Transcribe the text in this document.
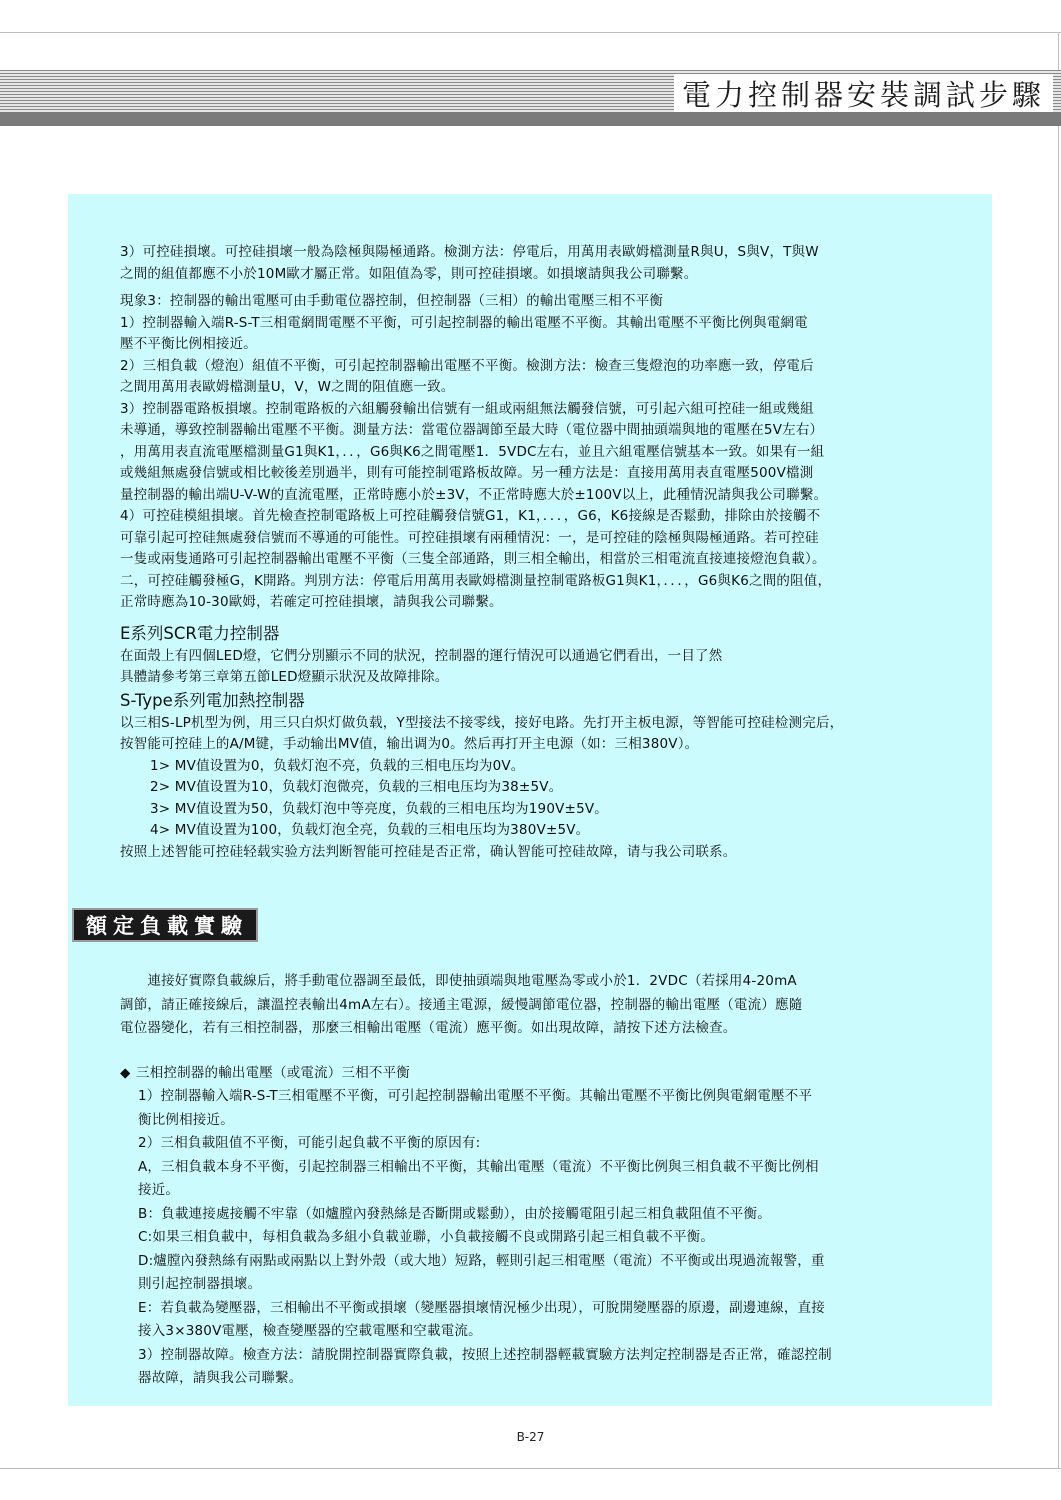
電力控制器安裝調試步驟

3）可控硅損壞。可控硅損壞一般為陰極與陽極通路。檢測方法：停電后，用萬用表歐姆檔測量R與U，S與V，T與W

之間的組值都應不小於10M歐才屬正常。如阻值為零，則可控硅損壞。如損壞請與我公司聯繫。

現象3：控制器的輸出電壓可由手動電位器控制，但控制器（三相）的輸出電壓三相不平衡

1）控制器輸入端R-S-T三相電網間電壓不平衡，可引起控制器的輸出電壓不平衡。其輸出電壓不平衡比例與電網電

壓不平衡比例相接近。

2）三相負載（燈泡）組值不平衡，可引起控制器輸出電壓不平衡。檢測方法：檢查三隻燈泡的功率應一致，停電后

之間用萬用表歐姆檔測量U，V，W之間的阻值應一致。

3）控制器電路板損壞。控制電路板的六組觸發輸出信號有一組或兩組無法觸發信號，可引起六組可控硅一組或幾組

未導通，導致控制器輸出電壓不平衡。測量方法：當電位器調節至最大時（電位器中間抽頭端與地的電壓在5V左右）

，用萬用表直流電壓檔測量G1與K1，．．，G6與K6之間電壓1．5VDC左右，並且六組電壓信號基本一致。如果有一組

或幾組無處發信號或相比較後差別過半，則有可能控制電路板故障。另一種方法是：直接用萬用表直電壓500V檔測

量控制器的輸出端U-V-W的直流電壓，正常時應小於±3V，不正常時應大於±100V以上，此種情況請與我公司聯繫。

4）可控硅模組損壞。首先檢查控制電路板上可控硅觸發信號G1，K1，．．．，G6，K6接線是否鬆動，排除由於接觸不

可靠引起可控硅無處發信號而不導通的可能性。可控硅損壞有兩種情況：一，是可控硅的陰極與陽極通路。若可控硅

一隻或兩隻通路可引起控制器輸出電壓不平衡（三隻全部通路，則三相全輸出，相當於三相電流直接連接燈泡負載）。

二，可控硅觸發極G，K開路。判別方法：停電后用萬用表歐姆檔測量控制電路板G1與K1，．．．，G6與K6之間的阻值，

正常時應為10-30歐姆，若確定可控硅損壞，請與我公司聯繫。

E系列SCR電力控制器

在面殼上有四個LED燈，它們分別顯示不同的狀況，控制器的運行情況可以通過它們看出，一目了然

具體請參考第三章第五節LED燈顯示狀況及故障排除。

S-Type系列電加熱控制器

以三相S-LP机型为例，用三只白炽灯做负载，Y型接法不接零线，接好电路。先打开主板电源，等智能可控硅检测完后，

按智能可控硅上的A/M键，手动输出MV值，输出调为0。然后再打开主电源（如：三相380V）。

1> MV值设置为0，负载灯泡不亮，负载的三相电压均为0V。

2> MV值设置为10，负载灯泡微亮，负载的三相电压均为38±5V。

3> MV值设置为50，负载灯泡中等亮度，负载的三相电压均为190V±5V。

4> MV值设置为100，负载灯泡全亮，负载的三相电压均为380V±5V。

按照上述智能可控硅轻载实验方法判断智能可控硅是否正常，确认智能可控硅故障，请与我公司联系。

額定負載實驗

　　連接好實際負載線后，將手動電位器調至最低，即使抽頭端與地電壓為零或小於1．2VDC（若採用4-20mA

調節，請正確接線后，讓溫控表輸出4mA左右）。接通主電源，緩慢調節電位器，控制器的輸出電壓（電流）應隨

電位器變化，若有三相控制器，那麼三相輸出電壓（電流）應平衡。如出現故障，請按下述方法檢查。

◆ 三相控制器的輸出電壓（或電流）三相不平衡

1）控制器輸入端R-S-T三相電壓不平衡，可引起控制器輸出電壓不平衡。其輸出電壓不平衡比例與電網電壓不平

衡比例相接近。

2）三相負載阻值不平衡，可能引起負載不平衡的原因有:

A，三相負載本身不平衡，引起控制器三相輸出不平衡，其輸出電壓（電流）不平衡比例與三相負載不平衡比例相

接近。

B：負載連接處接觸不牢靠（如爐膛內發熱絲是否斷開或鬆動），由於接觸電阻引起三相負載阻值不平衡。

C:如果三相負載中，每相負載為多組小負載並聯，小負載接觸不良或開路引起三相負載不平衡。

D:爐膛內發熱絲有兩點或兩點以上對外殼（或大地）短路，輕則引起三相電壓（電流）不平衡或出現過流報警，重

則引起控制器損壞。

E：若負載為變壓器，三相輸出不平衡或損壞（變壓器損壞情況極少出現），可脫開變壓器的原邊，副邊連線，直接

接入3×380V電壓，檢查變壓器的空載電壓和空載電流。

3）控制器故障。檢查方法：請脫開控制器實際負載，按照上述控制器輕載實驗方法判定控制器是否正常，確認控制

器故障，請與我公司聯繫。

B-27
